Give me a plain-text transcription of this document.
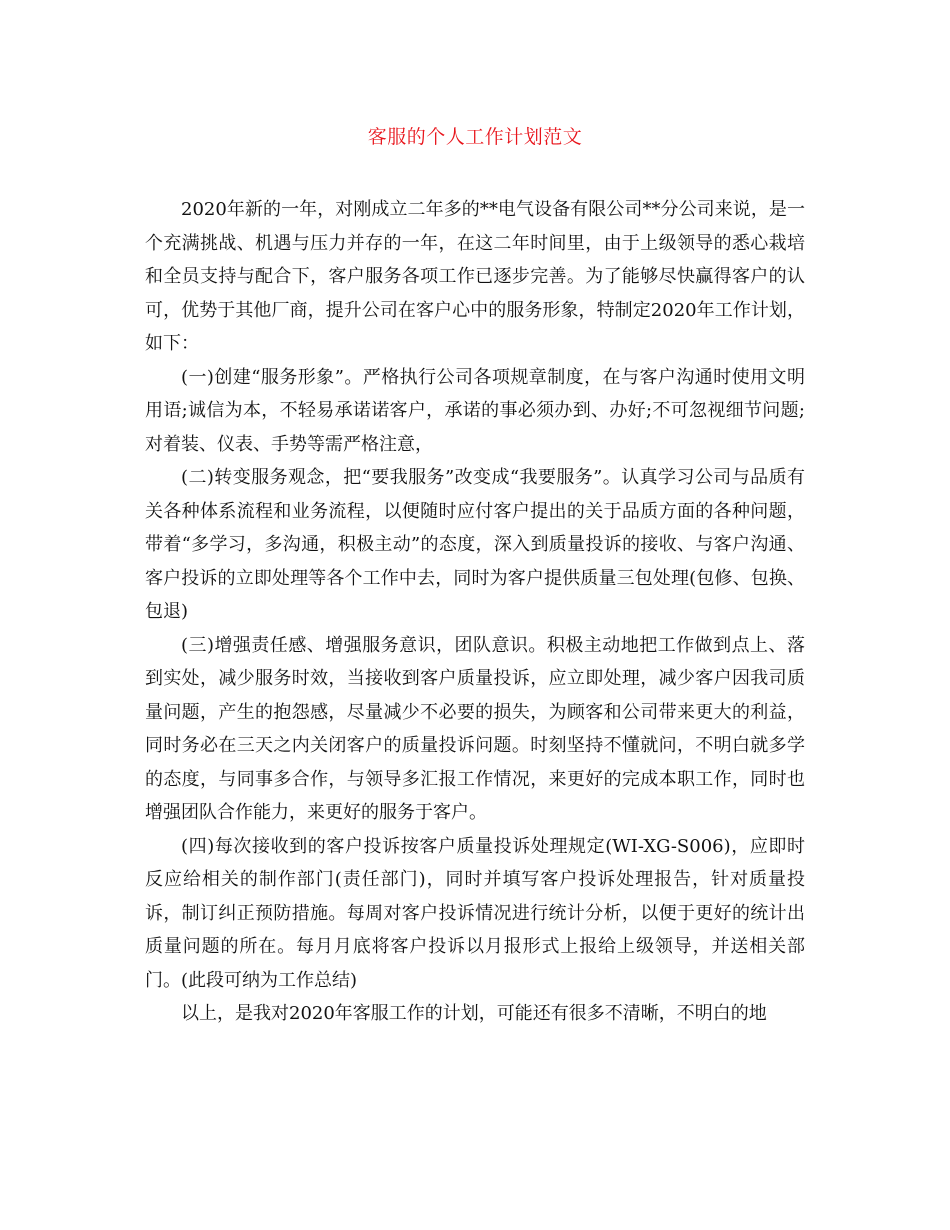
客服的个人工作计划范文

2020年新的一年，对刚成立二年多的**电气设备有限公司**分公司来说，是一个充满挑战、机遇与压力并存的一年，在这二年时间里，由于上级领导的悉心栽培和全员支持与配合下，客户服务各项工作已逐步完善。为了能够尽快赢得客户的认可，优势于其他厂商，提升公司在客户心中的服务形象，特制定2020年工作计划，如下：

(一)创建“服务形象”。严格执行公司各项规章制度，在与客户沟通时使用文明用语;诚信为本，不轻易承诺诺客户，承诺的事必须办到、办好;不可忽视细节问题;对着装、仪表、手势等需严格注意，

(二)转变服务观念，把“要我服务”改变成“我要服务”。认真学习公司与品质有关各种体系流程和业务流程，以便随时应付客户提出的关于品质方面的各种问题，带着“多学习，多沟通，积极主动”的态度，深入到质量投诉的接收、与客户沟通、客户投诉的立即处理等各个工作中去，同时为客户提供质量三包处理(包修、包换、包退)

(三)增强责任感、增强服务意识，团队意识。积极主动地把工作做到点上、落到实处，减少服务时效，当接收到客户质量投诉，应立即处理，减少客户因我司质量问题，产生的抱怨感，尽量减少不必要的损失，为顾客和公司带来更大的利益，同时务必在三天之内关闭客户的质量投诉问题。时刻坚持不懂就问，不明白就多学的态度，与同事多合作，与领导多汇报工作情况，来更好的完成本职工作，同时也增强团队合作能力，来更好的服务于客户。

(四)每次接收到的客户投诉按客户质量投诉处理规定(WI-XG-S006)，应即时反应给相关的制作部门(责任部门)，同时并填写客户投诉处理报告，针对质量投诉，制订纠正预防措施。每周对客户投诉情况进行统计分析，以便于更好的统计出质量问题的所在。每月月底将客户投诉以月报形式上报给上级领导，并送相关部门。(此段可纳为工作总结)

以上，是我对2020年客服工作的计划，可能还有很多不清晰，不明白的地
